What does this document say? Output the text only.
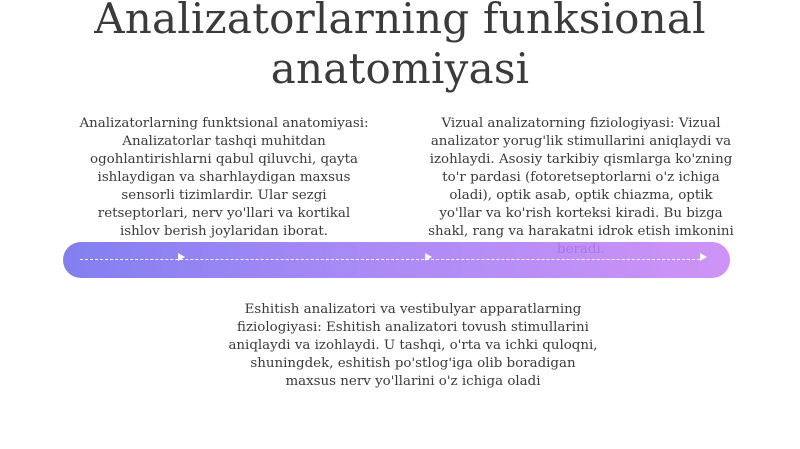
Analizatorlarning funksional anatomiyasi

Analizatorlarning funktsional anatomiyasi: Analizatorlar tashqi muhitdan ogohlantirishlarni qabul qiluvchi, qayta ishlaydigan va sharhlaydigan maxsus sensorli tizimlardir. Ular sezgi retseptorlari, nerv yo'llari va kortikal ishlov berish joylaridan iborat.

Vizual analizatorning fiziologiyasi: Vizual analizator yorug'lik stimullarini aniqlaydi va izohlaydi. Asosiy tarkibiy qismlarga ko'zning to'r pardasi (fotoretseptorlarni o'z ichiga oladi), optik asab, optik chiazma, optik yo'llar va ko'rish korteksi kiradi. Bu bizga shakl, rang va harakatni idrok etish imkonini

Eshitish analizatori va vestibulyar apparatlarning fiziologiyasi: Eshitish analizatori tovush stimullarini aniqlaydi va izohlaydi. U tashqi, o'rta va ichki quloqni, shuningdek, eshitish po'stlog'iga olib boradigan maxsus nerv yo'llarini o'z ichiga oladi
